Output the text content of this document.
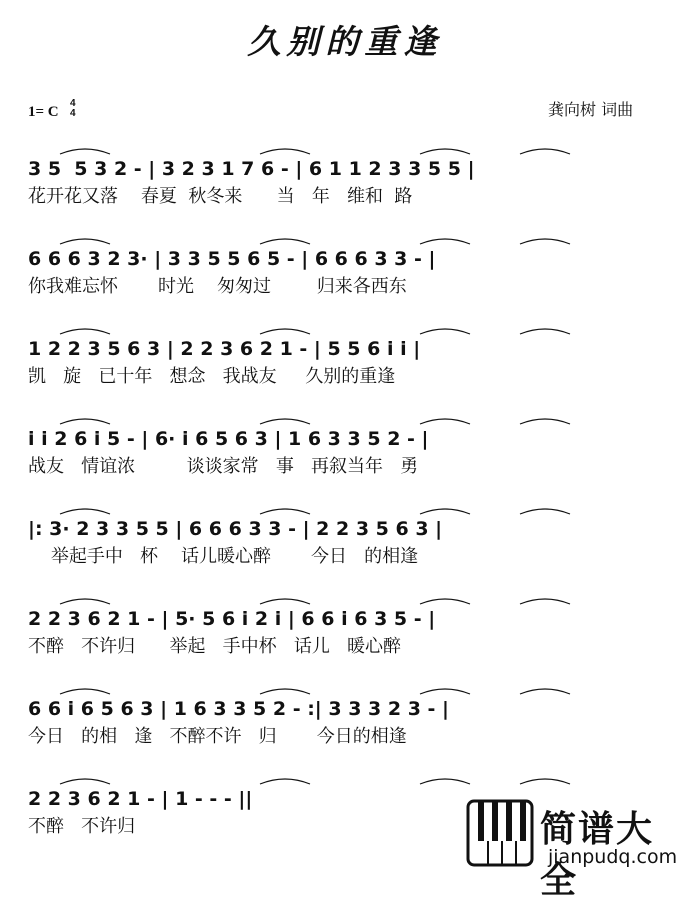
久别的重逢
1= C
4
4	龚向树 词曲
3 5  5 3 2 - | 3 2 3 1 7 6 - | 6 1 1 2 3 3 5 5 |
花开花又落    春夏  秋冬来      当   年   维和  路
6 6 6 3 2 3· | 3 3 5 5 6 5 - | 6 6 6 3 3 - |
你我难忘怀       时光    匆匆过        归来各西东
1 2 2 3 5 6 3 | 2 2 3 6 2 1 - | 5 5 6 i i |
凯   旋   已十年   想念   我战友     久别的重逢
i i 2 6 i 5 - | 6· i 6 5 6 3 | 1 6 3 3 5 2 - |
战友   情谊浓         谈谈家常   事   再叙当年   勇
|: 3· 2 3 3 5 5 | 6 6 6 3 3 - | 2 2 3 5 6 3 |
举起手中   杯    话儿暖心醉       今日   的相逢
2 2 3 6 2 1 - | 5· 5 6 i 2 i | 6 6 i 6 3 5 - |
不醉   不许归      举起   手中杯   话儿   暖心醉
6 6 i 6 5 6 3 | 1 6 3 3 5 2 - :| 3 3 3 2 3 - |
今日   的相   逢   不醉不许   归       今日的相逢
2 2 3 6 2 1 - | 1 - - - ||
不醉   不许归	简谱大全
jianpudq.com
